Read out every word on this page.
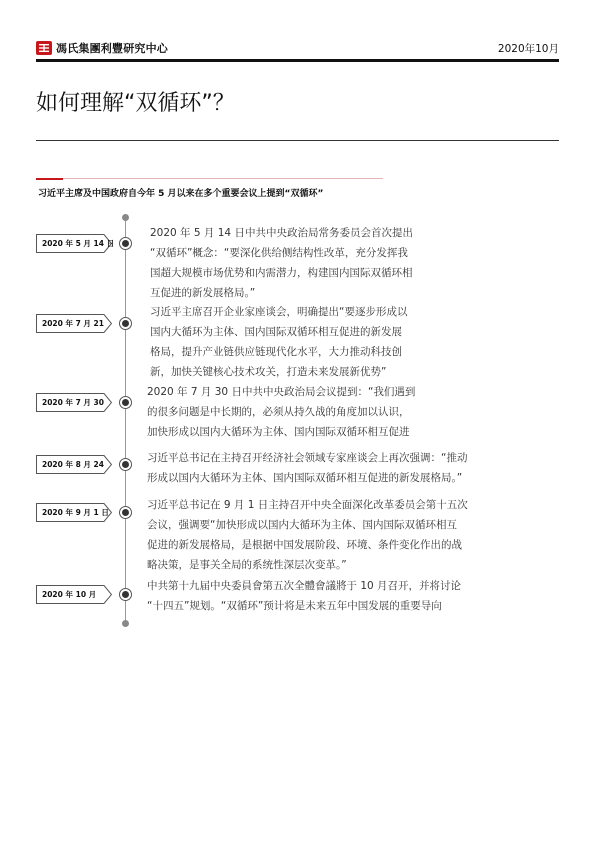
馮氏集團利豐研究中心	2020年10月
如何理解“双循环”？
习近平主席及中国政府自今年 5 月以来在多个重要会议上提到“双循环”
2020 年 5 月 14 日
2020 年 5 月 14 日中共中央政治局常务委员会首次提出
“双循环”概念：“要深化供给侧结构性改革，充分发挥我
国超大规模市场优势和内需潜力，构建国内国际双循环相
互促进的新发展格局。”
2020 年 7 月 21
习近平主席召开企业家座谈会，明确提出“要逐步形成以
国内大循环为主体、国内国际双循环相互促进的新发展
格局，提升产业链供应链现代化水平，大力推动科技创
新，加快关键核心技术攻关，打造未来发展新优势”
2020 年 7 月 30
2020 年 7 月 30 日中共中央政治局会议提到：“我们遇到
的很多问题是中长期的，必须从持久战的角度加以认识，
加快形成以国内大循环为主体、国内国际双循环相互促进
2020 年 8 月 24
习近平总书记在主持召开经济社会领域专家座谈会上再次强调：“推动
形成以国内大循环为主体、国内国际双循环相互促进的新发展格局。”
2020 年 9 月 1 日
习近平总书记在 9 月 1 日主持召开中央全面深化改革委员会第十五次
会议，强调要“加快形成以国内大循环为主体、国内国际双循环相互
促进的新发展格局，是根据中国发展阶段、环境、条件变化作出的战
略决策，是事关全局的系统性深层次变革。”
2020 年 10 月
中共第十九届中央委員會第五次全體會議將于 10 月召开，并将讨论
“十四五”规划。“双循环”预计将是未来五年中国发展的重要导向
